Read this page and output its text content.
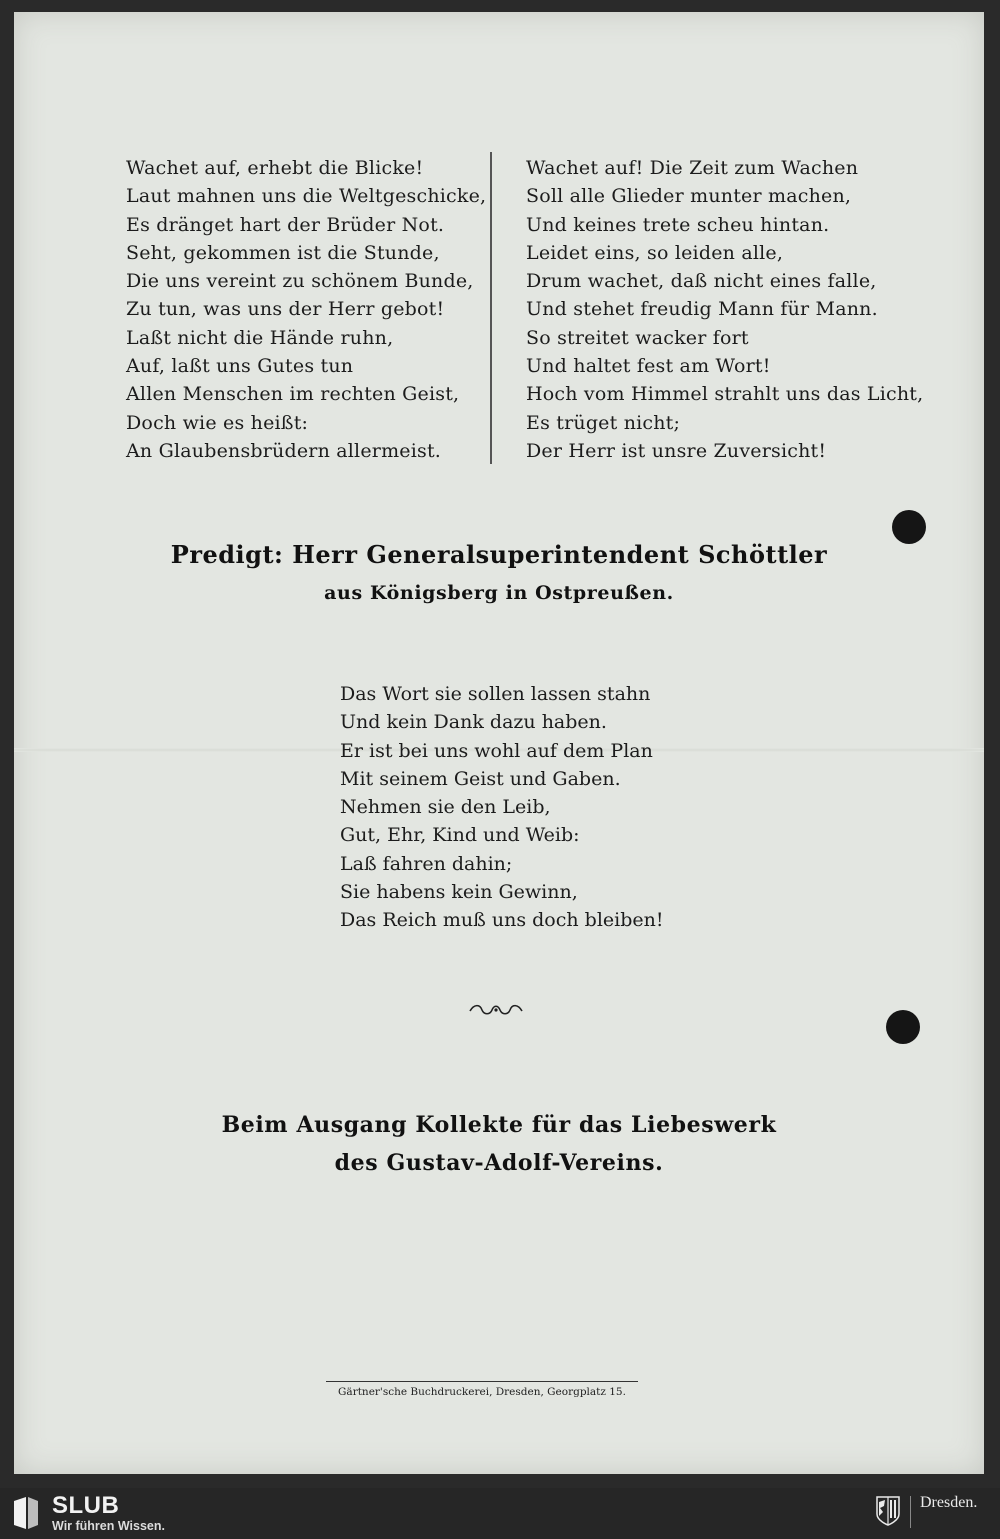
Wachet auf, erhebt die Blicke!
Laut mahnen uns die Weltgeschicke,
Es dränget hart der Brüder Not.
Seht, gekommen ist die Stunde,
Die uns vereint zu schönem Bunde,
Zu tun, was uns der Herr gebot!
Laßt nicht die Hände ruhn,
Auf, laßt uns Gutes tun
Allen Menschen im rechten Geist,
Doch wie es heißt:
An Glaubensbrüdern allermeist.
Wachet auf! Die Zeit zum Wachen
Soll alle Glieder munter machen,
Und keines trete scheu hintan.
Leidet eins, so leiden alle,
Drum wachet, daß nicht eines falle,
Und stehet freudig Mann für Mann.
So streitet wacker fort
Und haltet fest am Wort!
Hoch vom Himmel strahlt uns das Licht,
Es trüget nicht;
Der Herr ist unsre Zuversicht!
Predigt: Herr Generalsuperintendent Schöttler
aus Königsberg in Ostpreußen.
Das Wort sie sollen lassen stahn
Und kein Dank dazu haben.
Er ist bei uns wohl auf dem Plan
Mit seinem Geist und Gaben.
Nehmen sie den Leib,
Gut, Ehr, Kind und Weib:
Laß fahren dahin;
Sie habens kein Gewinn,
Das Reich muß uns doch bleiben!
Beim Ausgang Kollekte für das Liebeswerk
des Gustav-Adolf-Vereins.
Gärtner'sche Buchdruckerei, Dresden, Georgplatz 15.
SLUB
Wir führen Wissen.
Dresden.
